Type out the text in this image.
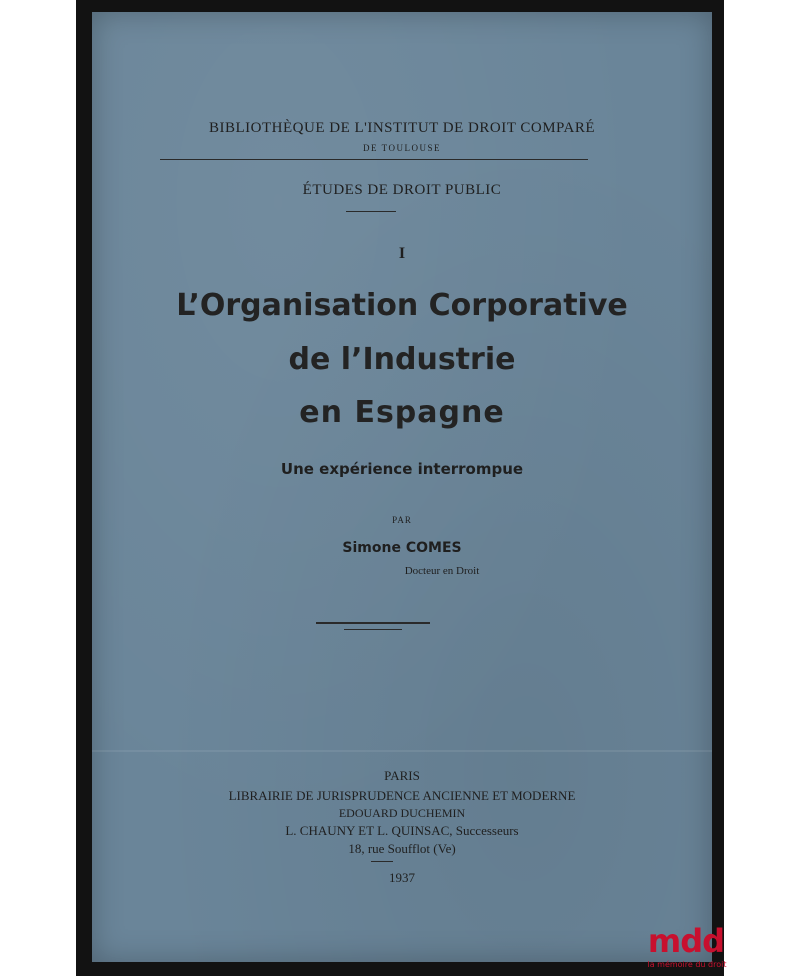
BIBLIOTHÈQUE DE L'INSTITUT DE DROIT COMPARÉ

DE TOULOUSE

ÉTUDES DE DROIT PUBLIC

I

L’Organisation Corporative

de l’Industrie

en Espagne

Une expérience interrompue

PAR

Simone COMES

Docteur en Droit

PARIS

LIBRAIRIE DE JURISPRUDENCE ANCIENNE ET MODERNE

EDOUARD DUCHEMIN

L. CHAUNY ET L. QUINSAC, Successeurs

18, rue Soufflot (Ve)

1937

mdd
la mémoire du droit
